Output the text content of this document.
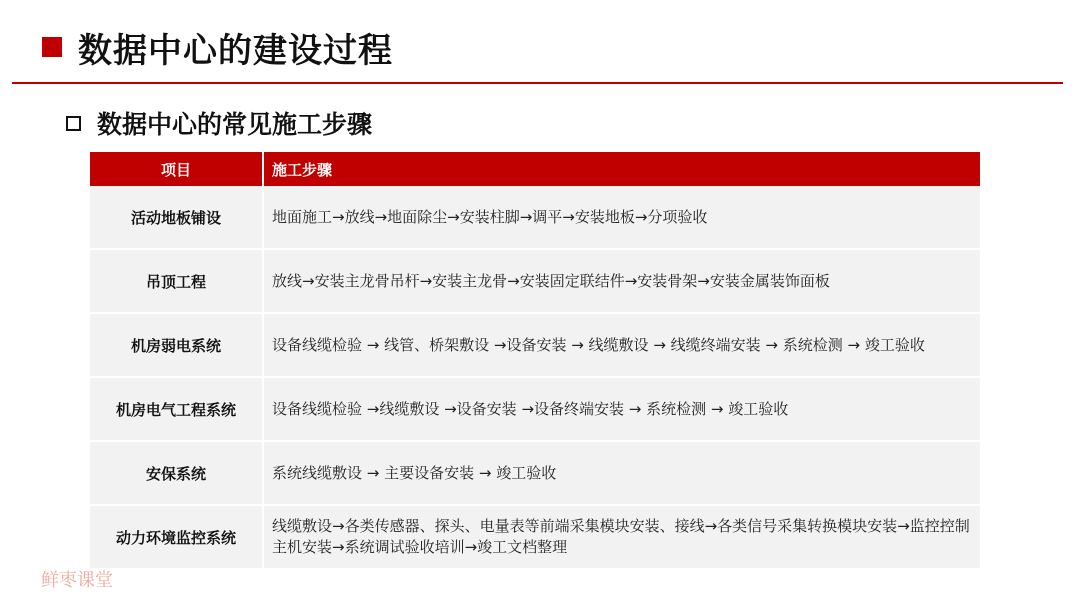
数据中心的建设过程
数据中心的常见施工步骤
项目	施工步骤
活动地板铺设	地面施工→放线→地面除尘→安装柱脚→调平→安装地板→分项验收
吊顶工程	放线→安装主龙骨吊杆→安装主龙骨→安装固定联结件→安装骨架→安装金属装饰面板
机房弱电系统	设备线缆检验 → 线管、桥架敷设 →设备安装 → 线缆敷设 → 线缆终端安装 → 系统检测 → 竣工验收
机房电气工程系统	设备线缆检验 →线缆敷设 →设备安装 →设备终端安装 → 系统检测 → 竣工验收
安保系统	系统线缆敷设 → 主要设备安装 → 竣工验收
动力环境监控系统	线缆敷设→各类传感器、探头、电量表等前端采集模块安装、接线→各类信号采集转换模块安装→监控控制主机安装→系统调试验收培训→竣工文档整理
鲜枣课堂
